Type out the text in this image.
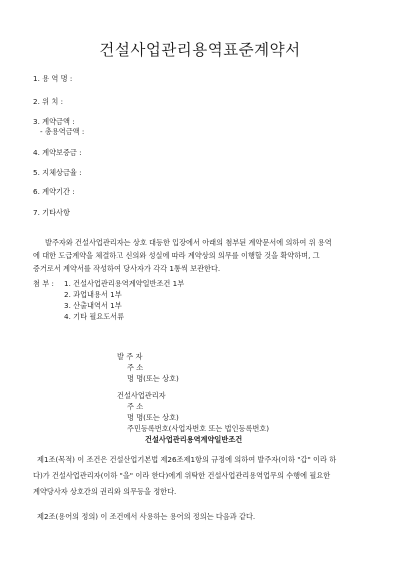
건설사업관리용역표준계약서
1. 용 역 명 :
2. 위 치 :
3. 계약금액 :
- 총용역금액 :
4. 계약보증금 :
5. 지체상금율 :
6. 계약기간 :
7. 기타사항
발주자와 건설사업관리자는 상호 대등한 입장에서 아래의 첨부된 계약문서에 의하여 위 용역
에 대한 도급계약을 체결하고 신의와 성실에 따라 계약상의 의무를 이행할 것을 확약하며, 그
증거로서 계약서를 작성하여 당사자가 각각 1통씩 보관한다.
첨 부 : 1. 건설사업관리용역계약일반조건 1부
2. 과업내용서 1부
3. 산출내역서 1부
4. 기타 필요도서류
발 주 자
주 소
명 명(또는 상호)
건설사업관리자
주 소
명 명(또는 상호)
주민등록번호(사업자번호 또는 법인등록번호)
건설사업관리용역계약일반조건
제1조(목적) 이 조건은 건설산업기본법 제26조제1항의 규정에 의하여 발주자(이하 "갑" 이라 하
다)가 건설사업관리자(이하 "을" 이라 한다)에게 위탁한 건설사업관리용역업무의 수행에 필요한
계약당사자 상호간의 권리와 의무등을 정한다.
제2조(용어의 정의) 이 조건에서 사용하는 용어의 정의는 다음과 같다.
